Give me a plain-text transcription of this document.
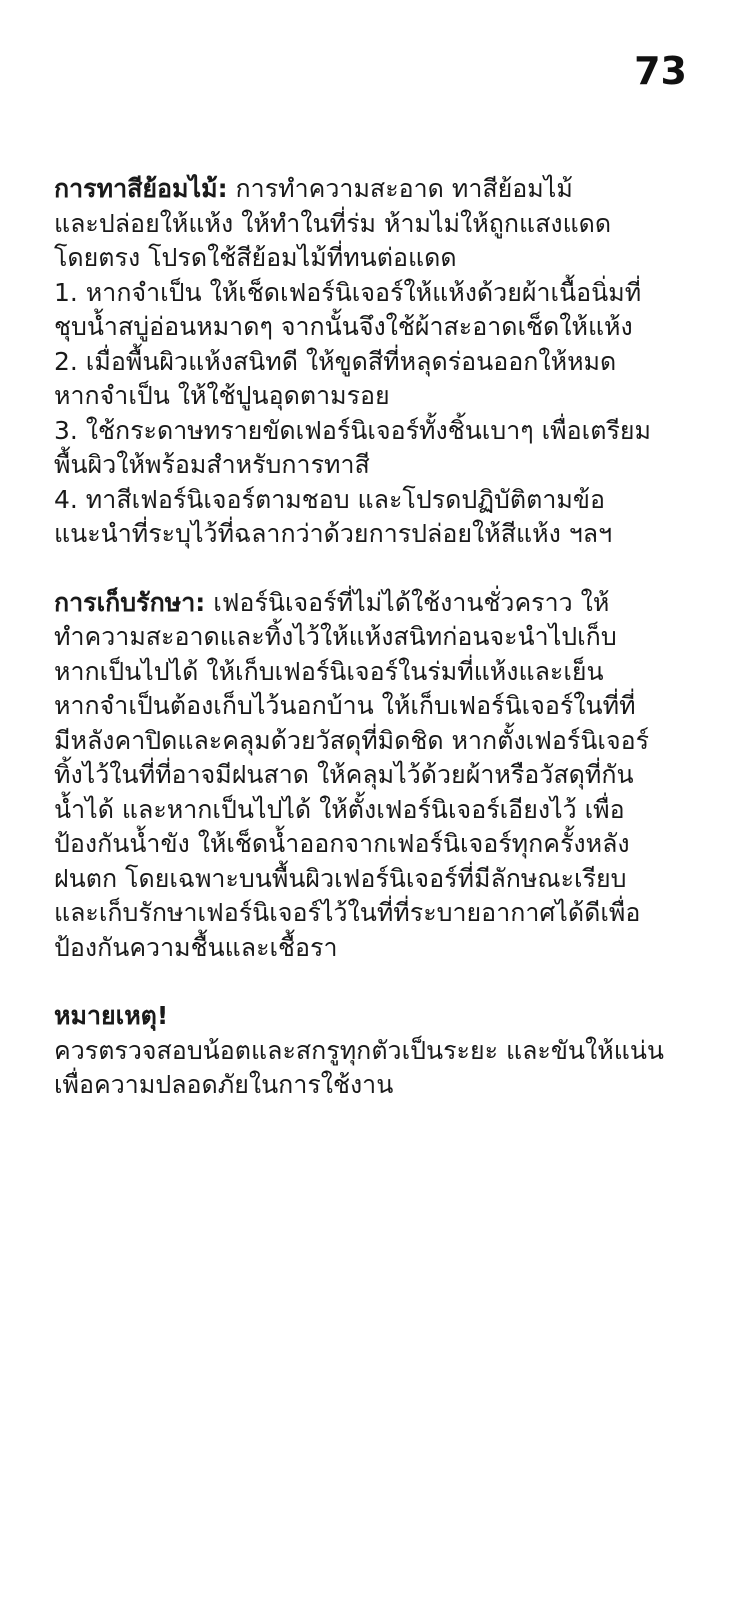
73
การทาสีย้อมไม้: การทำความสะอาด ทาสีย้อมไม้
และปล่อยให้แห้ง ให้ทำในที่ร่ม ห้ามไม่ให้ถูกแสงแดด
โดยตรง โปรดใช้สีย้อมไม้ที่ทนต่อแดด
1. หากจำเป็น ให้เช็ดเฟอร์นิเจอร์ให้แห้งด้วยผ้าเนื้อนิ่มที่
ชุบน้ำสบู่อ่อนหมาดๆ จากนั้นจึงใช้ผ้าสะอาดเช็ดให้แห้ง
2. เมื่อพื้นผิวแห้งสนิทดี ให้ขูดสีที่หลุดร่อนออกให้หมด
หากจำเป็น ให้ใช้ปูนอุดตามรอย
3. ใช้กระดาษทรายขัดเฟอร์นิเจอร์ทั้งชิ้นเบาๆ เพื่อเตรียม
พื้นผิวให้พร้อมสำหรับการทาสี
4. ทาสีเฟอร์นิเจอร์ตามชอบ และโปรดปฏิบัติตามข้อ
แนะนำที่ระบุไว้ที่ฉลากว่าด้วยการปล่อยให้สีแห้ง ฯลฯ
การเก็บรักษา: เฟอร์นิเจอร์ที่ไม่ได้ใช้งานชั่วคราว ให้
ทำความสะอาดและทิ้งไว้ให้แห้งสนิทก่อนจะนำไปเก็บ
หากเป็นไปได้ ให้เก็บเฟอร์นิเจอร์ในร่มที่แห้งและเย็น
หากจำเป็นต้องเก็บไว้นอกบ้าน ให้เก็บเฟอร์นิเจอร์ในที่ที่
มีหลังคาปิดและคลุมด้วยวัสดุที่มิดชิด หากตั้งเฟอร์นิเจอร์
ทิ้งไว้ในที่ที่อาจมีฝนสาด ให้คลุมไว้ด้วยผ้าหรือวัสดุที่กัน
น้ำได้ และหากเป็นไปได้ ให้ตั้งเฟอร์นิเจอร์เอียงไว้ เพื่อ
ป้องกันน้ำขัง ให้เช็ดน้ำออกจากเฟอร์นิเจอร์ทุกครั้งหลัง
ฝนตก โดยเฉพาะบนพื้นผิวเฟอร์นิเจอร์ที่มีลักษณะเรียบ
และเก็บรักษาเฟอร์นิเจอร์ไว้ในที่ที่ระบายอากาศได้ดีเพื่อ
ป้องกันความชื้นและเชื้อรา
หมายเหตุ!
ควรตรวจสอบน้อตและสกรูทุกตัวเป็นระยะ และขันให้แน่น
เพื่อความปลอดภัยในการใช้งาน
